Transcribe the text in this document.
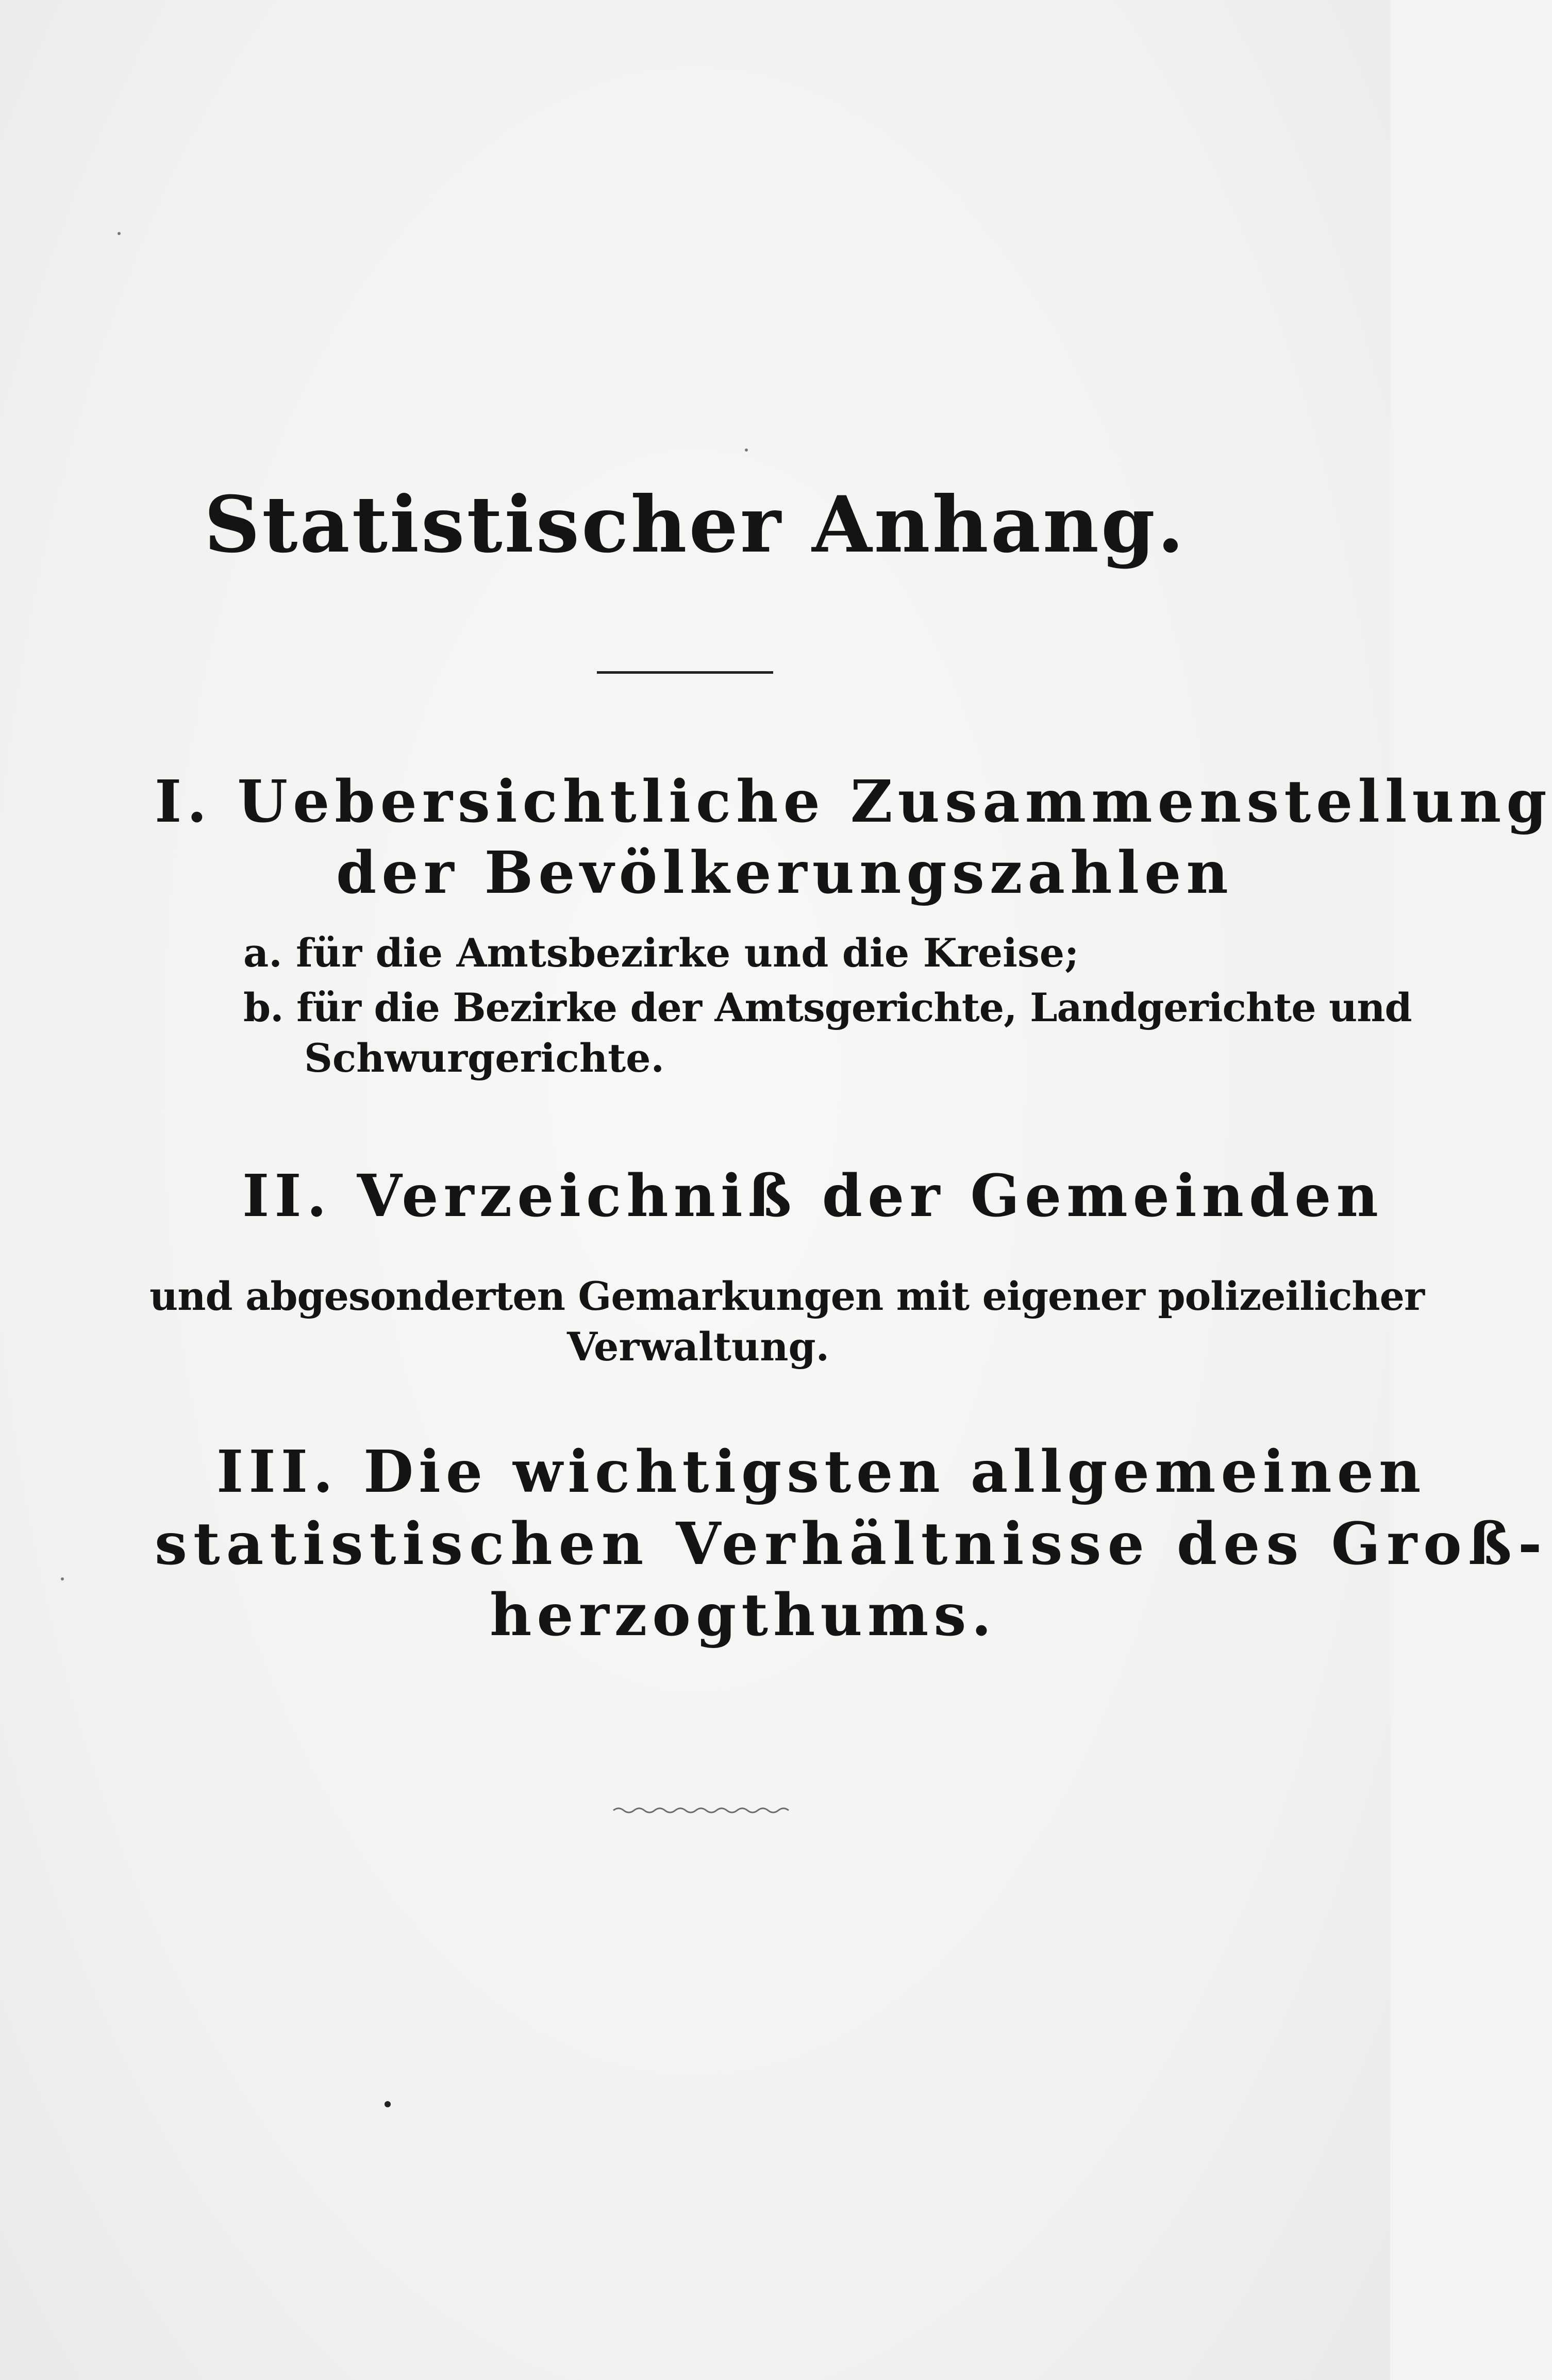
Statistischer Anhang.
I. Uebersichtliche Zusammenstellung
der Bevölkerungszahlen
a. für die Amtsbezirke und die Kreise;
b. für die Bezirke der Amtsgerichte, Landgerichte und
Schwurgerichte.
II. Verzeichniß der Gemeinden
und abgesonderten Gemarkungen mit eigener polizeilicher
Verwaltung.
III. Die wichtigsten allgemeinen
statistischen Verhältnisse des Groß-
herzogthums.
